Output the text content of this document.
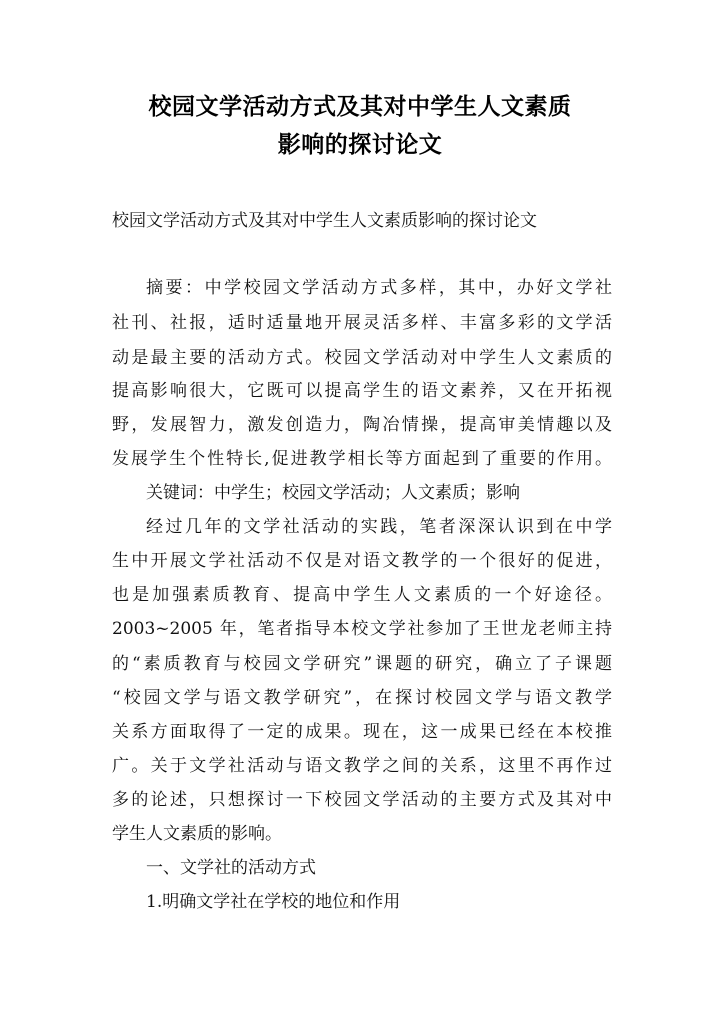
校园文学活动方式及其对中学生人文素质
影响的探讨论文
校园文学活动方式及其对中学生人文素质影响的探讨论文
摘要：中学校园文学活动方式多样，其中，办好文学社
社刊、社报，适时适量地开展灵活多样、丰富多彩的文学活
动是最主要的活动方式。校园文学活动对中学生人文素质的
提高影响很大，它既可以提高学生的语文素养，又在开拓视
野，发展智力，激发创造力，陶冶情操，提高审美情趣以及
发展学生个性特长,促进教学相长等方面起到了重要的作用。
关键词：中学生；校园文学活动；人文素质；影响
经过几年的文学社活动的实践，笔者深深认识到在中学
生中开展文学社活动不仅是对语文教学的一个很好的促进，
也是加强素质教育、提高中学生人文素质的一个好途径。
2003~2005 年，笔者指导本校文学社参加了王世龙老师主持
的“素质教育与校园文学研究”课题的研究，确立了子课题
“校园文学与语文教学研究”，在探讨校园文学与语文教学
关系方面取得了一定的成果。现在，这一成果已经在本校推
广。关于文学社活动与语文教学之间的关系，这里不再作过
多的论述，只想探讨一下校园文学活动的主要方式及其对中
学生人文素质的影响。
一、文学社的活动方式
1.明确文学社在学校的地位和作用
